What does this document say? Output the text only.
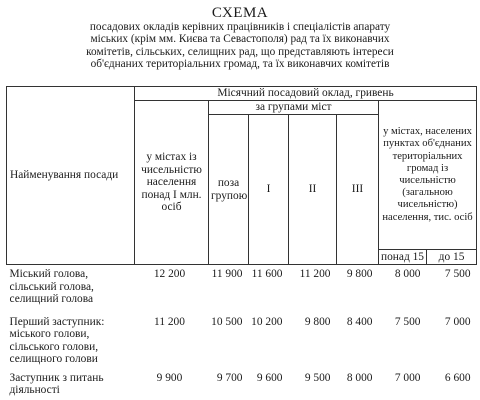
СХЕМА
посадових окладів керівних працівників і спеціалістів апарату
міських (крім мм. Києва та Севастополя) рад та їх виконавчих
комітетів, сільських, селищних рад, що представляють інтереси
об'єднаних територіальних громад, та їх виконавчих комітетів
Найменування посади	Місячний посадовий оклад, гривень						
	у містах із чисельністю населення понад І млн. осіб	за групами міст				у містах, населених пунктах об'єднаних територіальних громад із чисельністю (загальною чисельністю) населення, тис. осіб	
		поза групою	І	ІІ	ІІІ		
						понад 15	до 15
Міський голова, сільський голова, селищний голова	12 200	11 900	11 600	11 200	9 800	8 000	7 500
Перший заступник: міського голови, сільського голови, селищного голови	11 200	10 500	10 200	9 800	8 400	7 500	7 000
Заступник з питань діяльності	9 900	9 700	9 600	9 500	8 000	7 000	6 600
